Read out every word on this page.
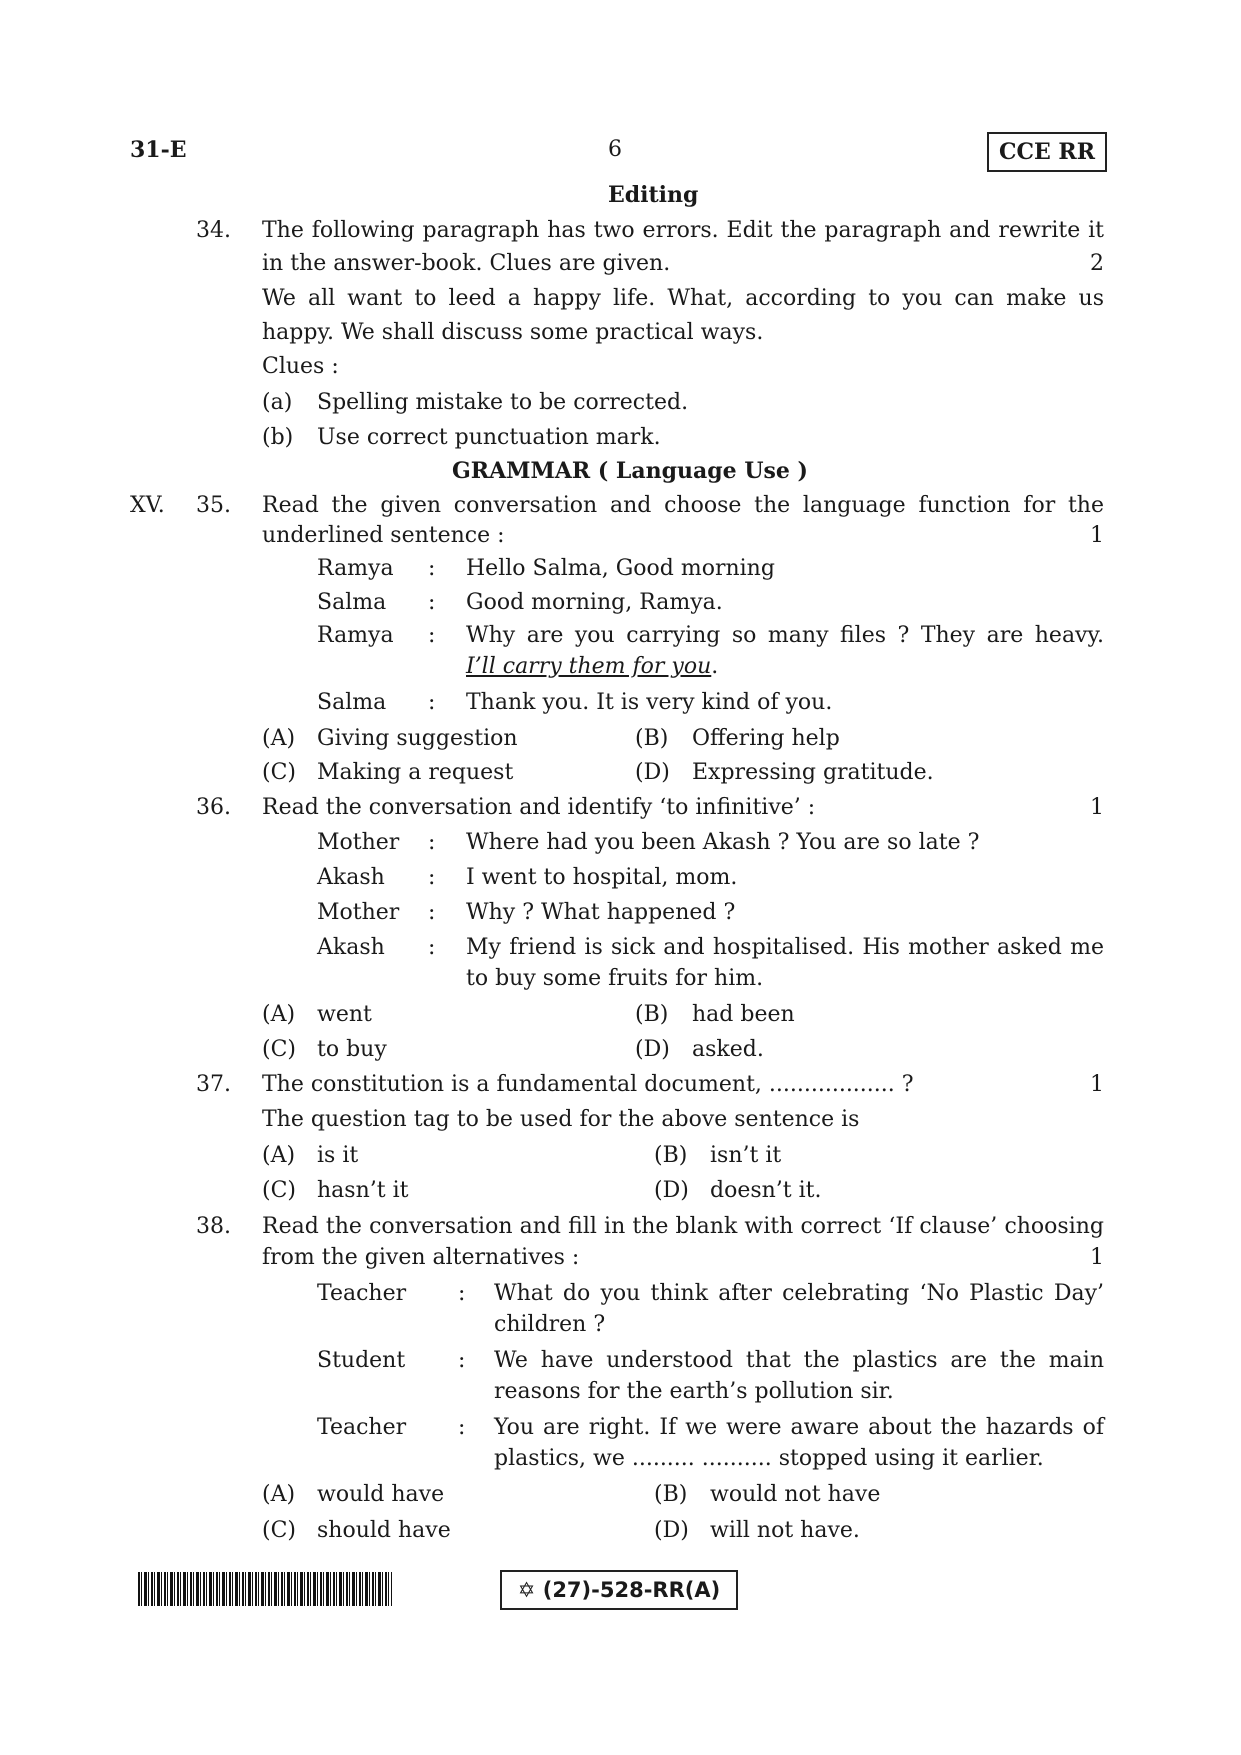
31-E	6	CCE RR
Editing
34. The following paragraph has two errors. Edit the paragraph and rewrite it
in the answer-book. Clues are given.	2
We all want to leed a happy life. What, according to you can make us
happy. We shall discuss some practical ways.
Clues :
(a) Spelling mistake to be corrected.
(b) Use correct punctuation mark.
GRAMMAR ( Language Use )
XV. 35. Read the given conversation and choose the language function for the
underlined sentence :	1
Ramya : Hello Salma, Good morning
Salma : Good morning, Ramya.
Ramya : Why are you carrying so many files ? They are heavy.
I’ll carry them for you.
Salma : Thank you. It is very kind of you.
(A) Giving suggestion	(B) Offering help
(C) Making a request	(D) Expressing gratitude.
36. Read the conversation and identify ‘to infinitive’ :	1
Mother : Where had you been Akash ? You are so late ?
Akash : I went to hospital, mom.
Mother : Why ? What happened ?
Akash : My friend is sick and hospitalised. His mother asked me
to buy some fruits for him.
(A) went	(B) had been
(C) to buy	(D) asked.
37. The constitution is a fundamental document, .................. ?	1
The question tag to be used for the above sentence is
(A) is it	(B) isn’t it
(C) hasn’t it	(D) doesn’t it.
38. Read the conversation and fill in the blank with correct ‘If clause’ choosing
from the given alternatives :	1
Teacher : What do you think after celebrating ‘No Plastic Day’
children ?
Student : We have understood that the plastics are the main
reasons for the earth’s pollution sir.
Teacher : You are right. If we were aware about the hazards of
plastics, we ......... .......... stopped using it earlier.
(A) would have	(B) would not have
(C) should have	(D) will not have.
✡ (27)-528-RR(A)
